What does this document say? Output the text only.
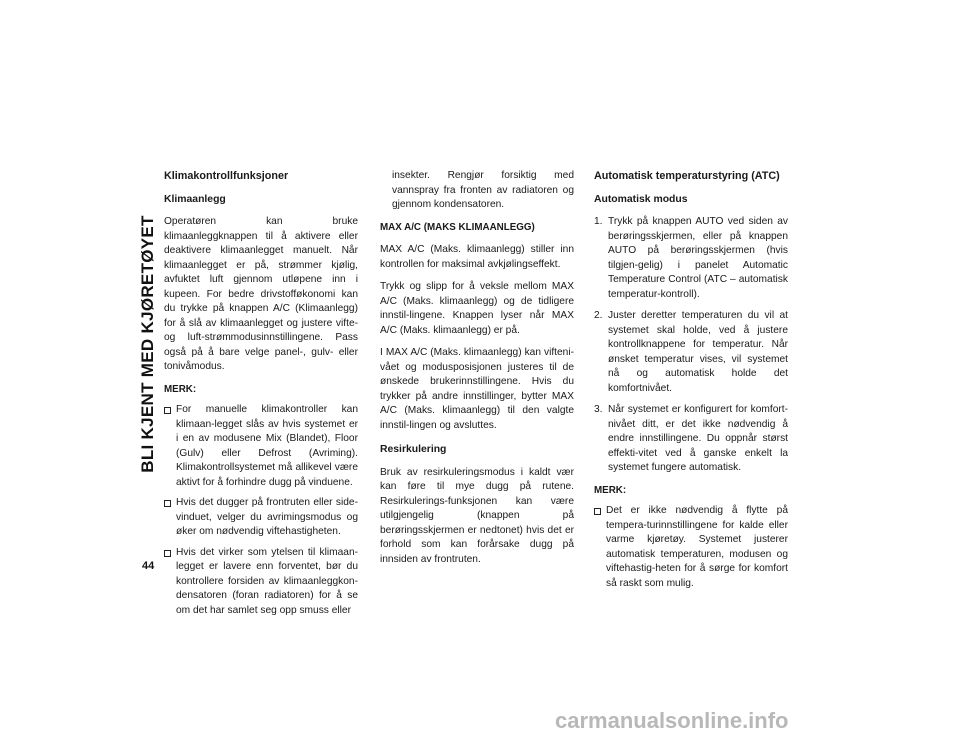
BLI KJENT MED KJØRETØYET
44
Klimakontrollfunksjoner
Klimaanlegg

Operatøren kan bruke klimaanleggknappen til å aktivere eller deaktivere klimaanlegget manuelt. Når klimaanlegget er på, strømmer kjølig, avfuktet luft gjennom utløpene inn i kupeen. For bedre drivstofføkonomi kan du trykke på knappen A/C (Klimaanlegg) for å slå av klimaanlegget og justere vifte- og luft-strømmodusinnstillingene. Pass også på å bare velge panel-, gulv- eller tonivåmodus.

MERK:
For manuelle klimakontroller kan klimaan-legget slås av hvis systemet er i en av modusene Mix (Blandet), Floor (Gulv) eller Defrost (Avriming). Klimakontrollsystemet må allikevel være aktivt for å forhindre dugg på vinduene.
Hvis det dugger på frontruten eller side-vinduet, velger du avrimingsmodus og øker om nødvendig viftehastigheten.
Hvis det virker som ytelsen til klimaan-legget er lavere enn forventet, bør du kontrollere forsiden av klimaanleggkon-densatoren (foran radiatoren) for å se om det har samlet seg opp smuss eller

insekter. Rengjør forsiktig med vannspray fra fronten av radiatoren og gjennom kondensatoren.

MAX A/C (MAKS KLIMAANLEGG)

MAX A/C (Maks. klimaanlegg) stiller inn kontrollen for maksimal avkjølingseffekt.

Trykk og slipp for å veksle mellom MAX A/C (Maks. klimaanlegg) og de tidligere innstil-lingene. Knappen lyser når MAX A/C (Maks. klimaanlegg) er på.

I MAX A/C (Maks. klimaanlegg) kan vifteni-vået og modusposisjonen justeres til de ønskede brukerinnstillingene. Hvis du trykker på andre innstillinger, bytter MAX A/C (Maks. klimaanlegg) til den valgte innstil-lingen og avsluttes.

Resirkulering

Bruk av resirkuleringsmodus i kaldt vær kan føre til mye dugg på rutene. Resirkulerings-funksjonen kan være utilgjengelig (knappen på berøringsskjermen er nedtonet) hvis det er forhold som kan forårsake dugg på innsiden av frontruten.

Automatisk temperaturstyring (ATC)
Automatisk modus
1. Trykk på knappen AUTO ved siden av berøringsskjermen, eller på knappen AUTO på berøringsskjermen (hvis tilgjen-gelig) i panelet Automatic Temperature Control (ATC – automatisk temperatur-kontroll).
2. Juster deretter temperaturen du vil at systemet skal holde, ved å justere kontrollknappene for temperatur. Når ønsket temperatur vises, vil systemet nå og automatisk holde det komfortnivået.
3. Når systemet er konfigurert for komfort-nivået ditt, er det ikke nødvendig å endre innstillingene. Du oppnår størst effekti-vitet ved å ganske enkelt la systemet fungere automatisk.
MERK:
Det er ikke nødvendig å flytte på tempera-turinnstillingene for kalde eller varme kjøretøy. Systemet justerer automatisk temperaturen, modusen og viftehastig-heten for å sørge for komfort så raskt som mulig.
carmanualsonline.info
